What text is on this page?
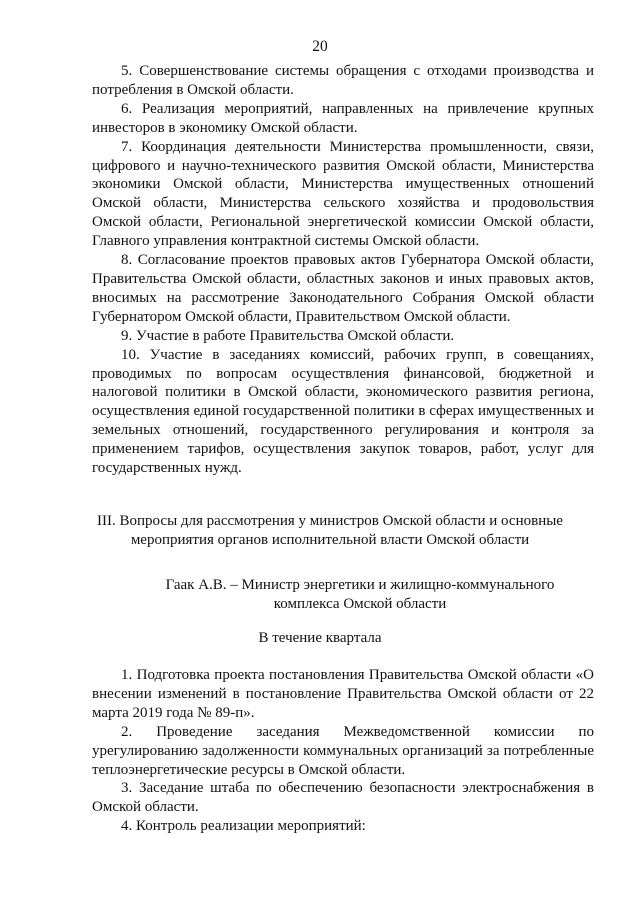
20

5. Совершенствование системы обращения с отходами производства и потребления в Омской области.

6. Реализация мероприятий, направленных на привлечение крупных инвесторов в экономику Омской области.

7. Координация деятельности Министерства промышленности, связи, цифрового и научно-технического развития Омской области, Министерства экономики Омской области, Министерства имущественных отношений Омской области, Министерства сельского хозяйства и продовольствия Омской области, Региональной энергетической комиссии Омской области, Главного управления контрактной системы Омской области.

8. Согласование проектов правовых актов Губернатора Омской области, Правительства Омской области, областных законов и иных правовых актов, вносимых на рассмотрение Законодательного Собрания Омской области Губернатором Омской области, Правительством Омской области.

9. Участие в работе Правительства Омской области.

10. Участие в заседаниях комиссий, рабочих групп, в совещаниях, проводимых по вопросам осуществления финансовой, бюджетной и налоговой политики в Омской области, экономического развития региона, осуществления единой государственной политики в сферах имущественных и земельных отношений, государственного регулирования и контроля за применением тарифов, осуществления закупок товаров, работ, услуг для государственных нужд.

III. Вопросы для рассмотрения у министров Омской области и основные
мероприятия органов исполнительной власти Омской области
Гаак А.В. – Министр энергетики и жилищно-коммунального
комплекса Омской области
В течение квартала

1. Подготовка проекта постановления Правительства Омской области «О внесении изменений в постановление Правительства Омской области от 22 марта 2019 года № 89-п».

2. Проведение заседания Межведомственной комиссии по урегулированию задолженности коммунальных организаций за потребленные теплоэнергетические ресурсы в Омской области.

3. Заседание штаба по обеспечению безопасности электроснабжения в Омской области.

4. Контроль реализации мероприятий:
